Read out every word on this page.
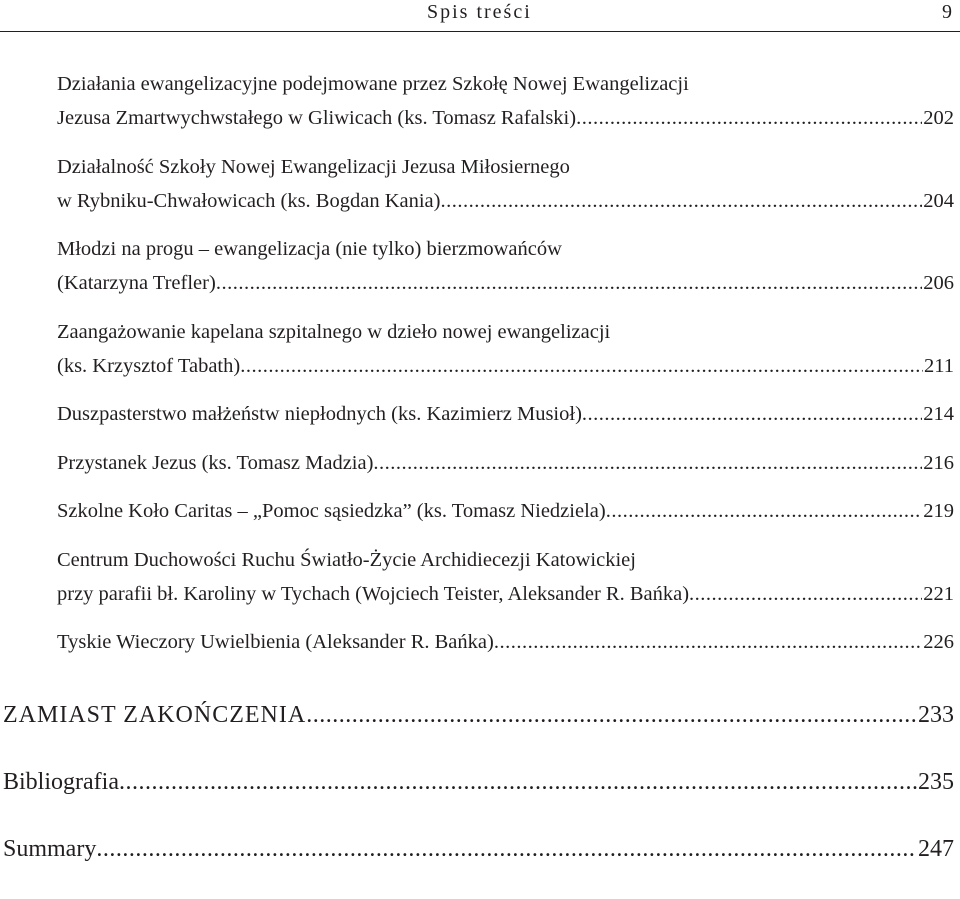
Spis treści	9
Działania ewangelizacyjne podejmowane przez Szkołę Nowej Ewangelizacji
Jezusa Zmartwychwstałego w Gliwicach (ks. Tomasz Rafalski) .....	202
Działalność Szkoły Nowej Ewangelizacji Jezusa Miłosiernego
w Rybniku-Chwałowicach (ks. Bogdan Kania) .....	204
Młodzi na progu – ewangelizacja (nie tylko) bierzmowańców
(Katarzyna Trefler) .....	206
Zaangażowanie kapelana szpitalnego w dzieło nowej ewangelizacji
(ks. Krzysztof Tabath) .....	211
Duszpasterstwo małżeństw niepłodnych (ks. Kazimierz Musioł) .....	214
Przystanek Jezus (ks. Tomasz Madzia) .....	216
Szkolne Koło Caritas – „Pomoc sąsiedzka” (ks. Tomasz Niedziela) .....	219
Centrum Duchowości Ruchu Światło-Życie Archidiecezji Katowickiej
przy parafii bł. Karoliny w Tychach (Wojciech Teister, Aleksander R. Bańka) .....	221
Tyskie Wieczory Uwielbienia (Aleksander R. Bańka) .....	226
ZAMIAST ZAKOŃCZENIA .....	233
Bibliografia .....	235
Summary .....	247
